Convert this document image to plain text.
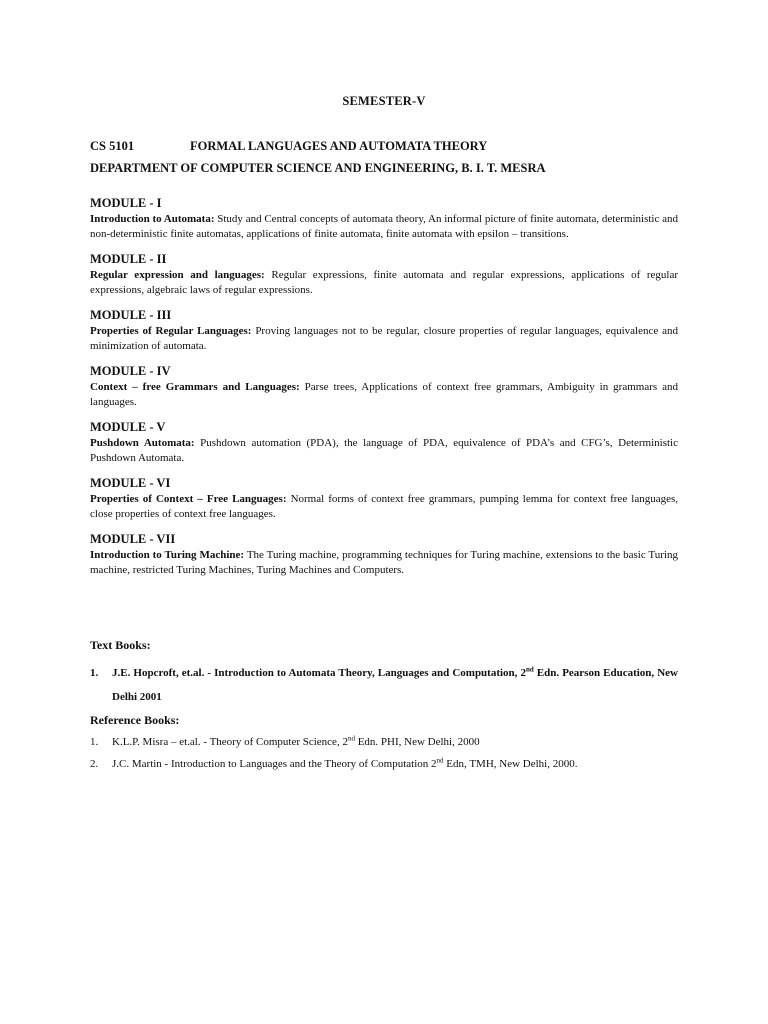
SEMESTER-V
CS 5101	FORMAL LANGUAGES AND AUTOMATA THEORY
DEPARTMENT OF COMPUTER SCIENCE AND ENGINEERING, B. I. T. MESRA
MODULE - I
Introduction to Automata: Study and Central concepts of automata theory, An informal picture of finite automata, deterministic and non-deterministic finite automatas, applications of finite automata, finite automata with epsilon – transitions.
MODULE - II
Regular expression and languages: Regular expressions, finite automata and regular expressions, applications of regular expressions, algebraic laws of regular expressions.
MODULE - III
Properties of Regular Languages: Proving languages not to be regular, closure properties of regular languages, equivalence and minimization of automata.
MODULE - IV
Context – free Grammars and Languages: Parse trees, Applications of context free grammars, Ambiguity in grammars and languages.
MODULE - V
Pushdown Automata: Pushdown automation (PDA), the language of PDA, equivalence of PDA’s and CFG’s, Deterministic Pushdown Automata.
MODULE - VI
Properties of Context – Free Languages: Normal forms of context free grammars, pumping lemma for context free languages, close properties of context free languages.
MODULE - VII
Introduction to Turing Machine: The Turing machine, programming techniques for Turing machine, extensions to the basic Turing machine, restricted Turing Machines, Turing Machines and Computers.
Text Books:
1. J.E. Hopcroft, et.al. - Introduction to Automata Theory, Languages and Computation, 2nd Edn. Pearson Education, New Delhi 2001
Reference Books:
1. K.L.P. Misra – et.al. - Theory of Computer Science, 2nd Edn. PHI, New Delhi, 2000
2. J.C. Martin - Introduction to Languages and the Theory of Computation 2nd Edn, TMH, New Delhi, 2000.
